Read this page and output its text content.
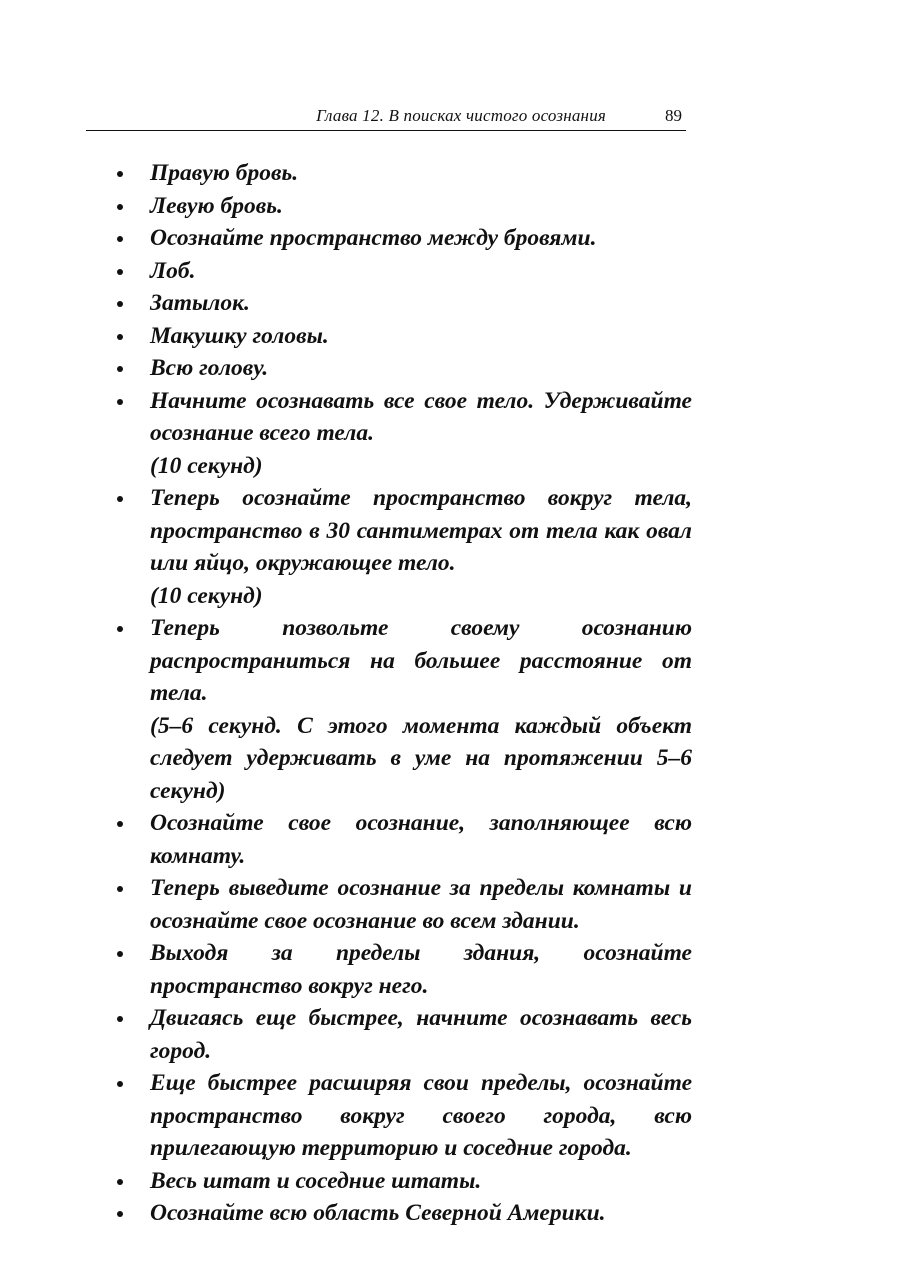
Глава 12. В поисках чистого осознания	89
Правую бровь.
Левую бровь.
Осознайте пространство между бровями.
Лоб.
Затылок.
Макушку головы.
Всю голову.
Начните осознавать все свое тело. Удерживайте осознание всего тела.
(10 секунд)
Теперь осознайте пространство вокруг тела, пространство в 30 сантиметрах от тела как овал или яйцо, окружающее тело.
(10 секунд)
Теперь позвольте своему осознанию распространиться на большее расстояние от тела.
(5–6 секунд. С этого момента каждый объект следует удерживать в уме на протяжении 5–6 секунд)
Осознайте свое осознание, заполняющее всю комнату.
Теперь выведите осознание за пределы комнаты и осознайте свое осознание во всем здании.
Выходя за пределы здания, осознайте пространство вокруг него.
Двигаясь еще быстрее, начните осознавать весь город.
Еще быстрее расширяя свои пределы, осознайте пространство вокруг своего города, всю прилегающую территорию и соседние города.
Весь штат и соседние штаты.
Осознайте всю область Северной Америки.
